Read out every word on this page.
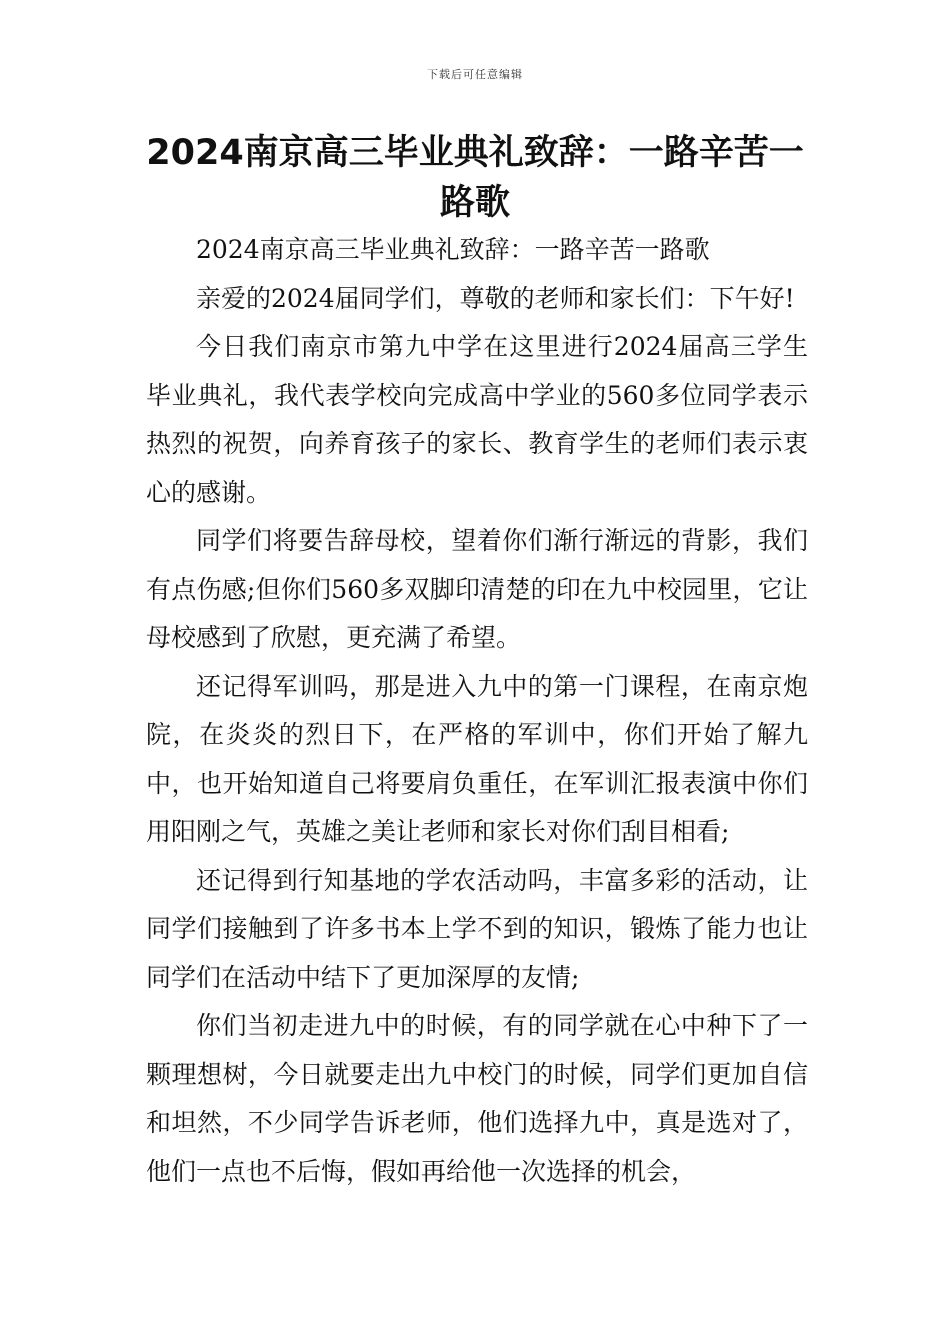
下载后可任意编辑
2024南京高三毕业典礼致辞：一路辛苦一路歌

2024南京高三毕业典礼致辞：一路辛苦一路歌

亲爱的2024届同学们，尊敬的老师和家长们：下午好!

今日我们南京市第九中学在这里进行2024届高三学生毕业典礼，我代表学校向完成高中学业的560多位同学表示热烈的祝贺，向养育孩子的家长、教育学生的老师们表示衷心的感谢。

同学们将要告辞母校，望着你们渐行渐远的背影，我们有点伤感;但你们560多双脚印清楚的印在九中校园里，它让母校感到了欣慰，更充满了希望。

还记得军训吗，那是进入九中的第一门课程，在南京炮院，在炎炎的烈日下，在严格的军训中，你们开始了解九中，也开始知道自己将要肩负重任，在军训汇报表演中你们用阳刚之气，英雄之美让老师和家长对你们刮目相看;

还记得到行知基地的学农活动吗，丰富多彩的活动，让同学们接触到了许多书本上学不到的知识，锻炼了能力也让同学们在活动中结下了更加深厚的友情;

你们当初走进九中的时候，有的同学就在心中种下了一颗理想树，今日就要走出九中校门的时候，同学们更加自信和坦然，不少同学告诉老师，他们选择九中，真是选对了，他们一点也不后悔，假如再给他一次选择的机会，
